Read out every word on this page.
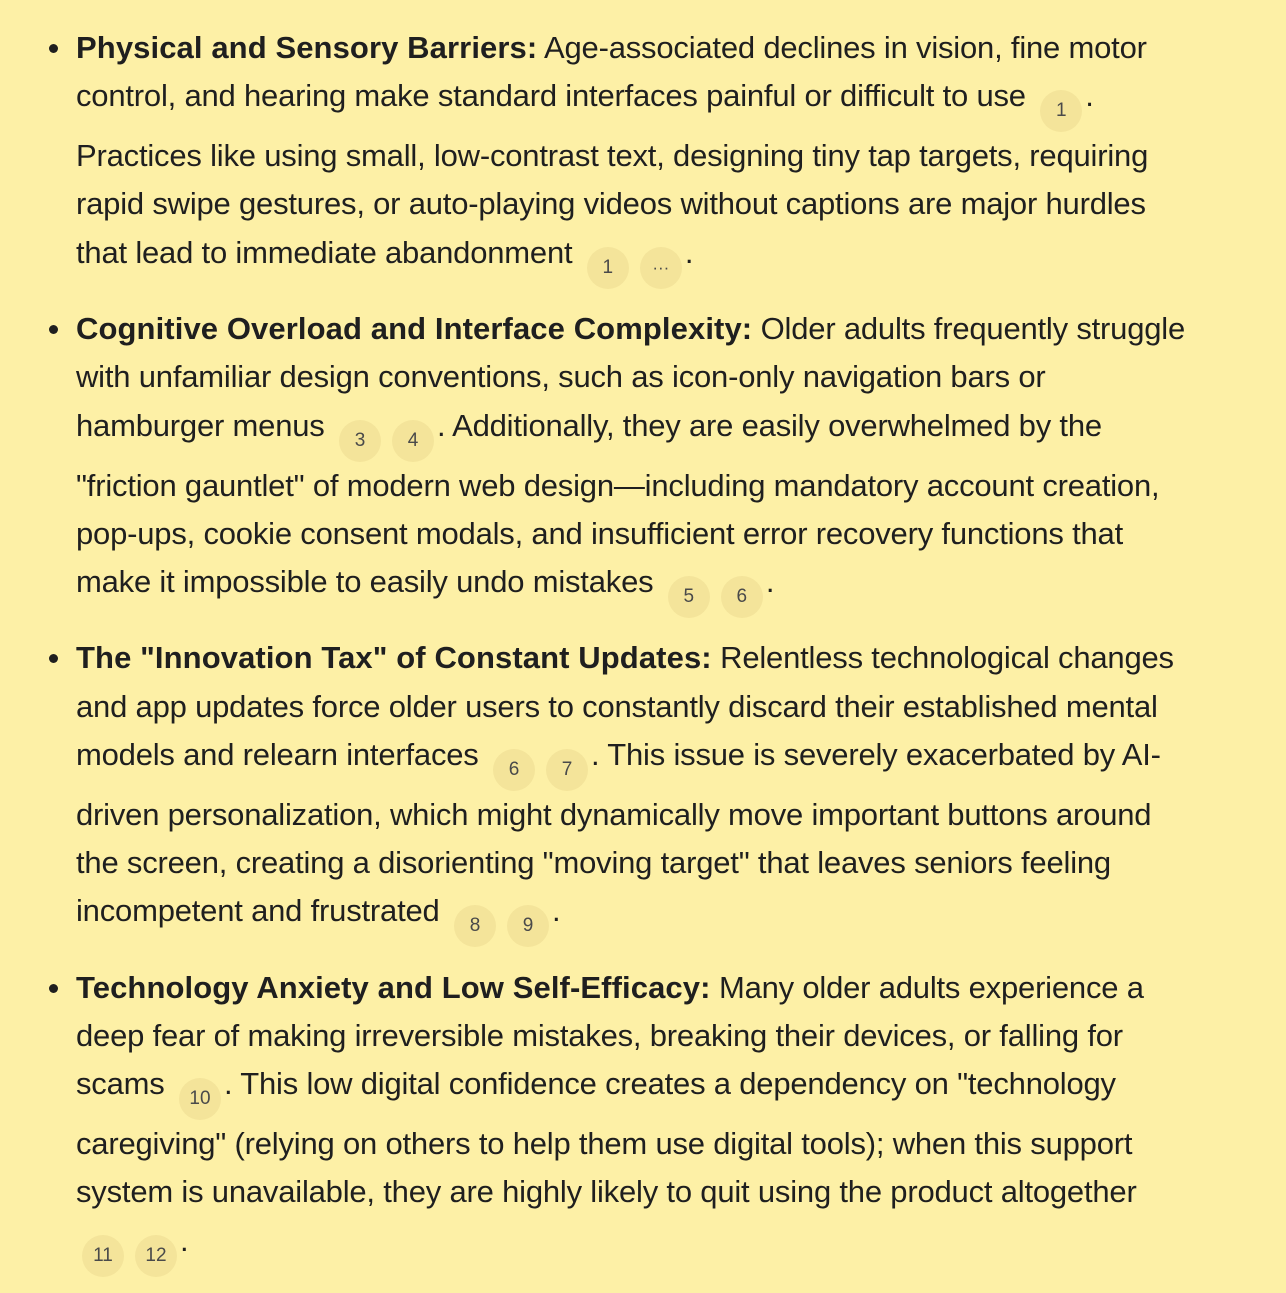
Physical and Sensory Barriers: Age-associated declines in vision, fine motor control, and hearing make standard interfaces painful or difficult to use 1 . Practices like using small, low-contrast text, designing tiny tap targets, requiring rapid swipe gestures, or auto-playing videos without captions are major hurdles that lead to immediate abandonment 1 ··· .
Cognitive Overload and Interface Complexity: Older adults frequently struggle with unfamiliar design conventions, such as icon-only navigation bars or hamburger menus 3 4 . Additionally, they are easily overwhelmed by the "friction gauntlet" of modern web design—including mandatory account creation, pop-ups, cookie consent modals, and insufficient error recovery functions that make it impossible to easily undo mistakes 5 6 .
The "Innovation Tax" of Constant Updates: Relentless technological changes and app updates force older users to constantly discard their established mental models and relearn interfaces 6 7 . This issue is severely exacerbated by AI-driven personalization, which might dynamically move important buttons around the screen, creating a disorienting "moving target" that leaves seniors feeling incompetent and frustrated 8 9 .
Technology Anxiety and Low Self-Efficacy: Many older adults experience a deep fear of making irreversible mistakes, breaking their devices, or falling for scams 10 . This low digital confidence creates a dependency on "technology caregiving" (relying on others to help them use digital tools); when this support system is unavailable, they are highly likely to quit using the product altogether 11 12 .
